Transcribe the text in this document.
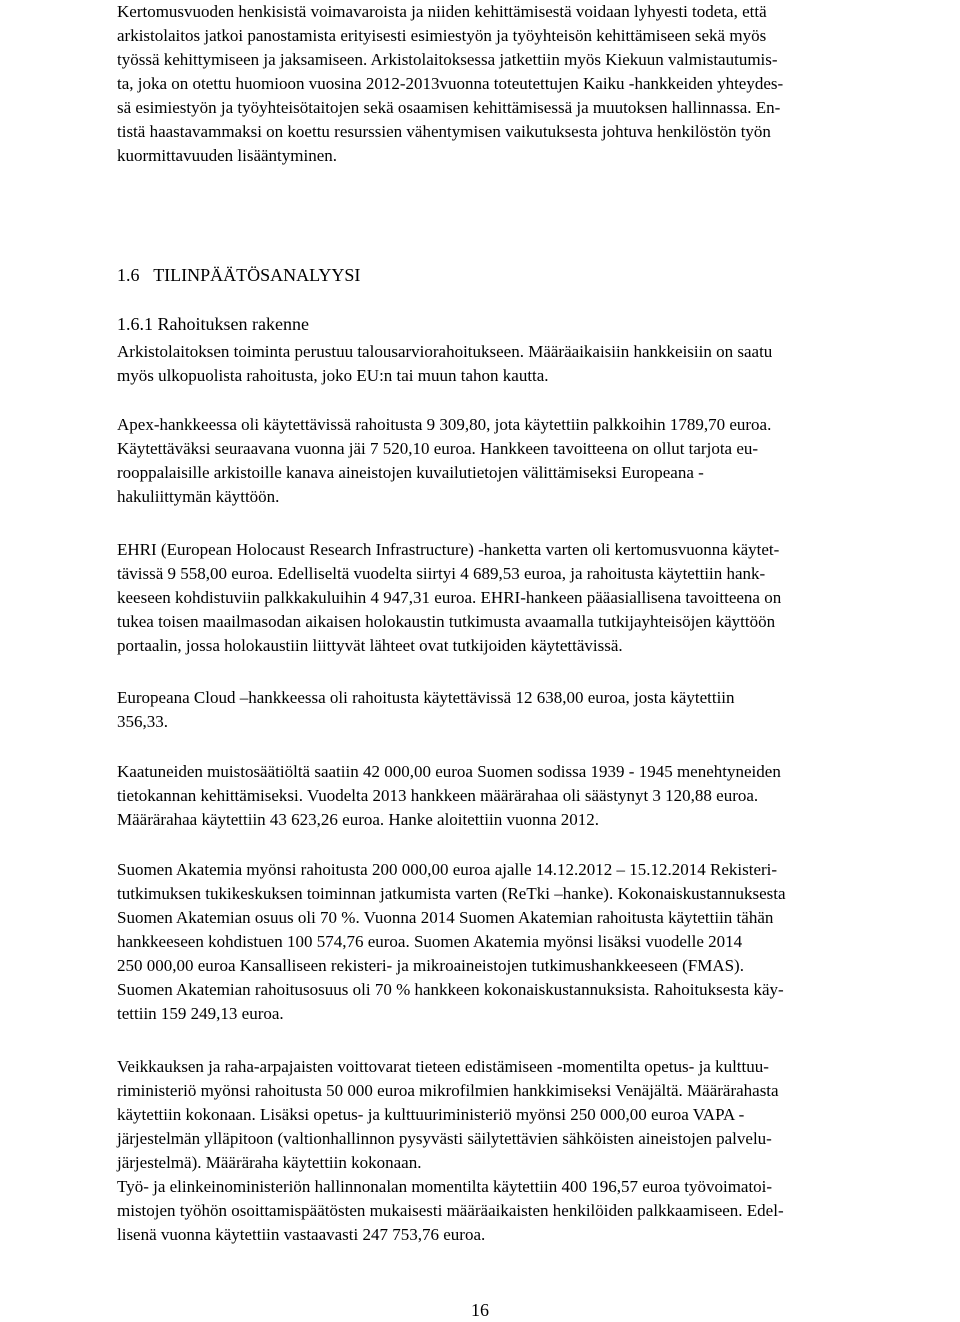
Kertomusvuoden henkisistä voimavaroista ja niiden kehittämisestä voidaan lyhyesti todeta, että
arkistolaitos jatkoi panostamista erityisesti esimiestyön ja työyhteisön kehittämiseen sekä myös
työssä kehittymiseen ja jaksamiseen. Arkistolaitoksessa jatkettiin myös Kiekuun valmistautumis-
ta, joka on otettu huomioon vuosina 2012-2013vuonna toteutettujen Kaiku -hankkeiden yhteydes-
sä esimiestyön ja työyhteisötaitojen sekä osaamisen kehittämisessä ja muutoksen hallinnassa. En-
tistä haastavammaksi on koettu resurssien vähentymisen vaikutuksesta johtuva henkilöstön työn
kuormittavuuden lisääntyminen.
1.6 TILINPÄÄTÖSANALYYSI
1.6.1 Rahoituksen rakenne
Arkistolaitoksen toiminta perustuu talousarviorahoitukseen. Määräaikaisiin hankkeisiin on saatu
myös ulkopuolista rahoitusta, joko EU:n tai muun tahon kautta.
Apex-hankkeessa oli käytettävissä rahoitusta 9 309,80, jota käytettiin palkkoihin 1789,70 euroa.
Käytettäväksi seuraavana vuonna jäi 7 520,10 euroa. Hankkeen tavoitteena on ollut tarjota eu-
rooppalaisille arkistoille kanava aineistojen kuvailutietojen välittämiseksi Europeana -
hakuliittymän käyttöön.
EHRI (European Holocaust Research Infrastructure) -hanketta varten oli kertomusvuonna käytet-
tävissä 9 558,00 euroa. Edelliseltä vuodelta siirtyi 4 689,53 euroa, ja rahoitusta käytettiin hank-
keeseen kohdistuviin palkkakuluihin 4 947,31 euroa. EHRI-hankeen pääasiallisena tavoitteena on
tukea toisen maailmasodan aikaisen holokaustin tutkimusta avaamalla tutkijayhteisöjen käyttöön
portaalin, jossa holokaustiin liittyvät lähteet ovat tutkijoiden käytettävissä.
Europeana Cloud –hankkeessa oli rahoitusta käytettävissä 12 638,00 euroa, josta käytettiin
356,33.
Kaatuneiden muistosäätiöltä saatiin 42 000,00 euroa Suomen sodissa 1939 - 1945 menehtyneiden
tietokannan kehittämiseksi. Vuodelta 2013 hankkeen määrärahaa oli säästynyt 3 120,88 euroa.
Määrärahaa käytettiin 43 623,26 euroa. Hanke aloitettiin vuonna 2012.
Suomen Akatemia myönsi rahoitusta 200 000,00 euroa ajalle 14.12.2012 – 15.12.2014 Rekisteri-
tutkimuksen tukikeskuksen toiminnan jatkumista varten (ReTki –hanke). Kokonaiskustannuksesta
Suomen Akatemian osuus oli 70 %. Vuonna 2014 Suomen Akatemian rahoitusta käytettiin tähän
hankkeeseen kohdistuen 100 574,76 euroa. Suomen Akatemia myönsi lisäksi vuodelle 2014
250 000,00 euroa Kansalliseen rekisteri- ja mikroaineistojen tutkimushankkeeseen (FMAS).
Suomen Akatemian rahoitusosuus oli 70 % hankkeen kokonaiskustannuksista. Rahoituksesta käy-
tettiin 159 249,13 euroa.
Veikkauksen ja raha-arpajaisten voittovarat tieteen edistämiseen -momentilta opetus- ja kulttuu-
riministeriö myönsi rahoitusta 50 000 euroa mikrofilmien hankkimiseksi Venäjältä. Määrärahasta
käytettiin kokonaan. Lisäksi opetus- ja kulttuuriministeriö myönsi 250 000,00 euroa VAPA -
järjestelmän ylläpitoon (valtionhallinnon pysyvästi säilytettävien sähköisten aineistojen palvelu-
järjestelmä). Määräraha käytettiin kokonaan.
Työ- ja elinkeinoministeriön hallinnonalan momentilta käytettiin 400 196,57 euroa työvoimatoi-
mistojen työhön osoittamispäätösten mukaisesti määräaikaisten henkilöiden palkkaamiseen. Edel-
lisenä vuonna käytettiin vastaavasti 247 753,76 euroa.
16
